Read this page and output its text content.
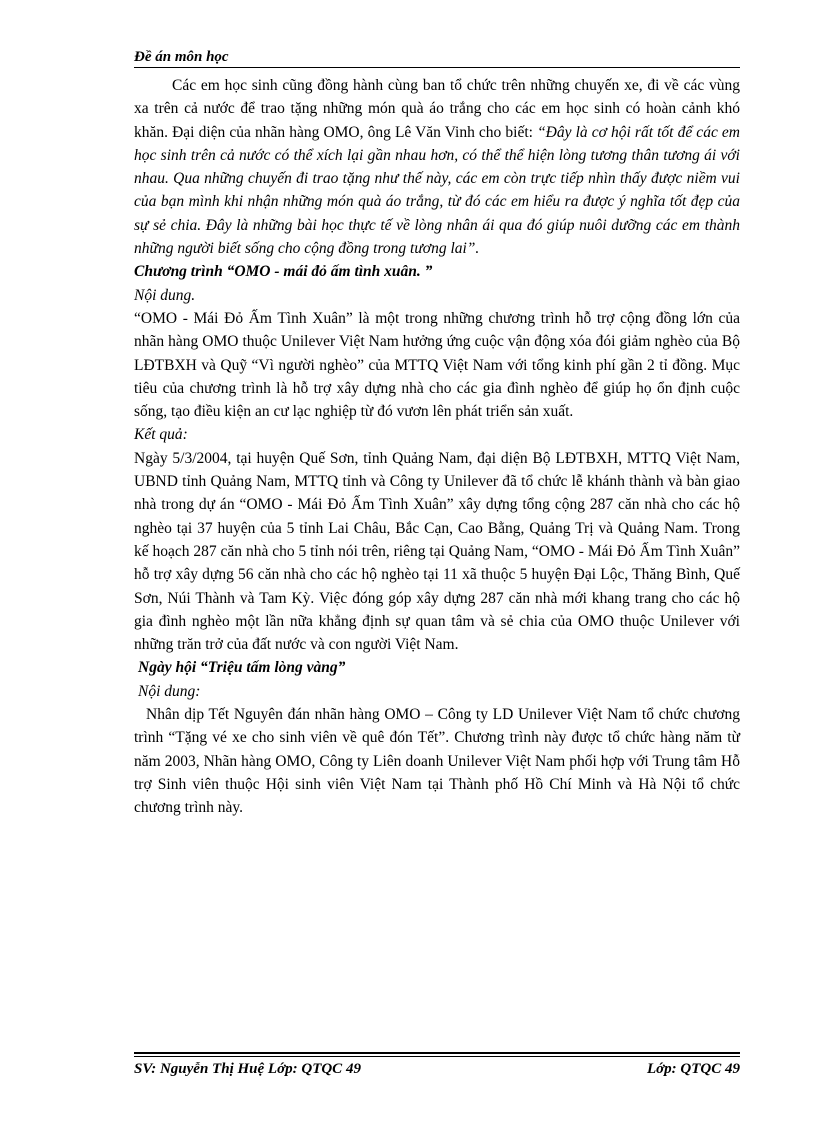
Đề án môn học

Các em học sinh cũng đồng hành cùng ban tổ chức trên những chuyến xe, đi về các vùng xa trên cả nước để trao tặng những món quà áo trắng cho các em học sinh có hoàn cảnh khó khăn. Đại diện của nhãn hàng OMO, ông Lê Văn Vinh cho biết: “Đây là cơ hội rất tốt để các em học sinh trên cả nước có thể xích lại gần nhau hơn, có thể thể hiện lòng tương thân tương ái với nhau. Qua những chuyến đi trao tặng như thế này, các em còn trực tiếp nhìn thấy được niềm vui của bạn mình khi nhận những món quà áo trắng, từ đó các em hiểu ra được ý nghĩa tốt đẹp của sự sẻ chia. Đây là những bài học thực tế về lòng nhân ái qua đó giúp nuôi dưỡng các em thành những người biết sống cho cộng đồng trong tương lai”.

Chương trình “OMO - mái đỏ ấm tình xuân. ”

Nội dung.

“OMO - Mái Đỏ Ấm Tình Xuân” là một trong những chương trình hỗ trợ cộng đồng lớn của nhãn hàng OMO thuộc Unilever Việt Nam hưởng ứng cuộc vận động xóa đói giảm nghèo của Bộ LĐTBXH và Quỹ “Vì người nghèo” của MTTQ Việt Nam với tổng kinh phí gần 2 tỉ đồng. Mục tiêu của chương trình là hỗ trợ xây dựng nhà cho các gia đình nghèo để giúp họ ổn định cuộc sống, tạo điều kiện an cư lạc nghiệp từ đó vươn lên phát triển sản xuất.

Kết quả:

Ngày 5/3/2004, tại huyện Quế Sơn, tỉnh Quảng Nam, đại diện Bộ LĐTBXH, MTTQ Việt Nam, UBND tỉnh Quảng Nam, MTTQ tỉnh và Công ty Unilever đã tổ chức lễ khánh thành và bàn giao nhà trong dự án “OMO - Mái Đỏ Ấm Tình Xuân” xây dựng tổng cộng 287 căn nhà cho các hộ nghèo tại 37 huyện của 5 tỉnh Lai Châu, Bắc Cạn, Cao Bằng, Quảng Trị và Quảng Nam. Trong kế hoạch 287 căn nhà cho 5 tỉnh nói trên, riêng tại Quảng Nam, “OMO - Mái Đỏ Ấm Tình Xuân” hỗ trợ xây dựng 56 căn nhà cho các hộ nghèo tại 11 xã thuộc 5 huyện Đại Lộc, Thăng Bình, Quế Sơn, Núi Thành và Tam Kỳ. Việc đóng góp xây dựng 287 căn nhà mới khang trang cho các hộ gia đình nghèo một lần nữa khẳng định sự quan tâm và sẻ chia của OMO thuộc Unilever với những trăn trở của đất nước và con người Việt Nam.

Ngày hội “Triệu tấm lòng vàng”

Nội dung:

Nhân dịp Tết Nguyên đán nhãn hàng OMO – Công ty LD Unilever Việt Nam tổ chức chương trình “Tặng vé xe cho sinh viên về quê đón Tết”. Chương trình này được tổ chức hàng năm từ năm 2003, Nhãn hàng OMO, Công ty Liên doanh Unilever Việt Nam phối hợp với Trung tâm Hỗ trợ Sinh viên thuộc Hội sinh viên Việt Nam tại Thành phố Hồ Chí Minh và Hà Nội tổ chức chương trình này.

SV: Nguyễn Thị Huệ Lớp: QTQC 49	Lớp: QTQC 49
